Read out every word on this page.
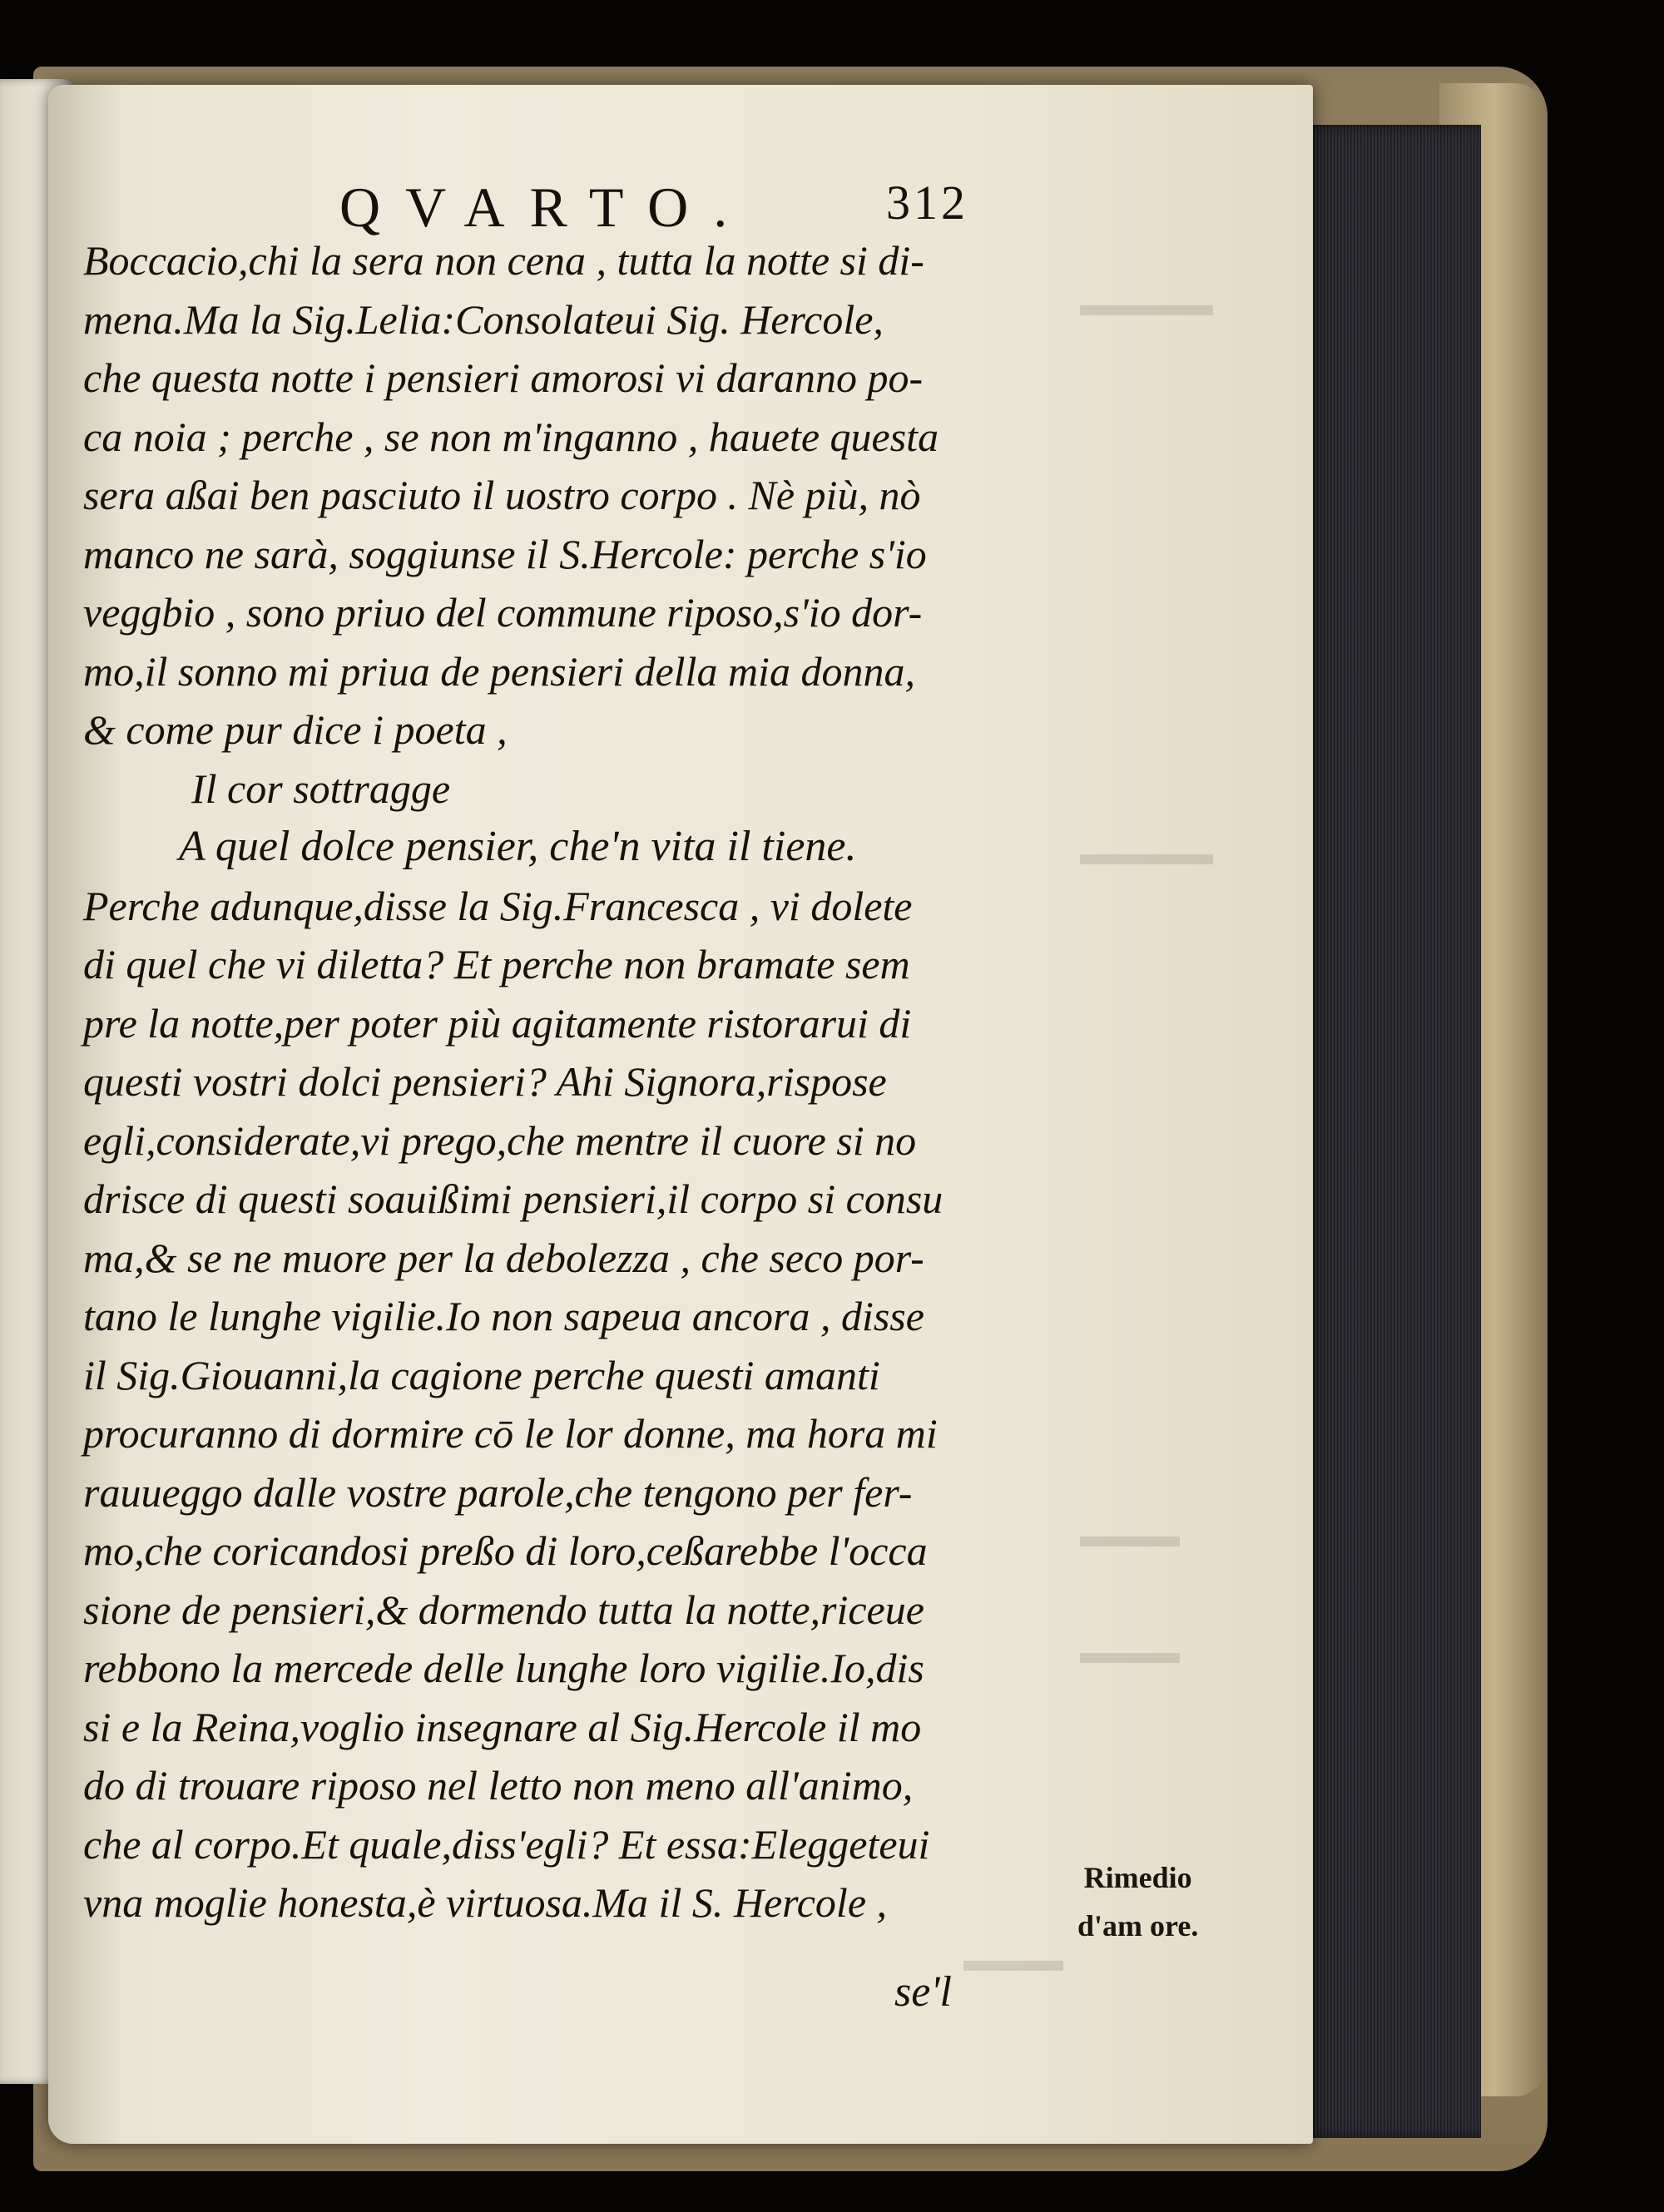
▬▬▬▬
▬▬▬▬
▬▬▬
▬▬▬
▬▬▬
QVARTO.	312
Boccacio,chi la sera non cena , tutta la notte si di-
mena.Ma la Sig.Lelia:Consolateui Sig. Hercole,
che questa notte i pensieri amorosi vi daranno po-
ca noia ; perche , se non m'inganno , hauete questa
sera aßai ben pasciuto il uostro corpo . Nè più, nò
manco ne sarà, soggiunse il S.Hercole: perche s'io
veggbio , sono priuo del commune riposo,s'io dor-
mo,il sonno mi priua de pensieri della mia donna,
& come pur dice i poeta ,
Il cor sottragge
A quel dolce pensier, che'n vita il tiene.
Perche adunque,disse la Sig.Francesca , vi dolete
di quel che vi diletta? Et perche non bramate sem
pre la notte,per poter più agitamente ristorarui di
questi vostri dolci pensieri? Ahi Signora,rispose
egli,considerate,vi prego,che mentre il cuore si no
drisce di questi soauißimi pensieri,il corpo si consu
ma,& se ne muore per la debolezza , che seco por-
tano le lunghe vigilie.Io non sapeua ancora , disse
il Sig.Giouanni,la cagione perche questi amanti
procuranno di dormire cō le lor donne, ma hora mi
rauueggo dalle vostre parole,che tengono per fer-
mo,che coricandosi preßo di loro,ceßarebbe l'occa
sione de pensieri,& dormendo tutta la notte,riceue
rebbono la mercede delle lunghe loro vigilie.Io,dis
si e la Reina,voglio insegnare al Sig.Hercole il mo
do di trouare riposo nel letto non meno all'animo,
che al corpo.Et quale,diss'egli? Et essa:Eleggeteui
vna moglie honesta,è virtuosa.Ma il S. Hercole ,
Rimedio
d'am ore.
se'l
